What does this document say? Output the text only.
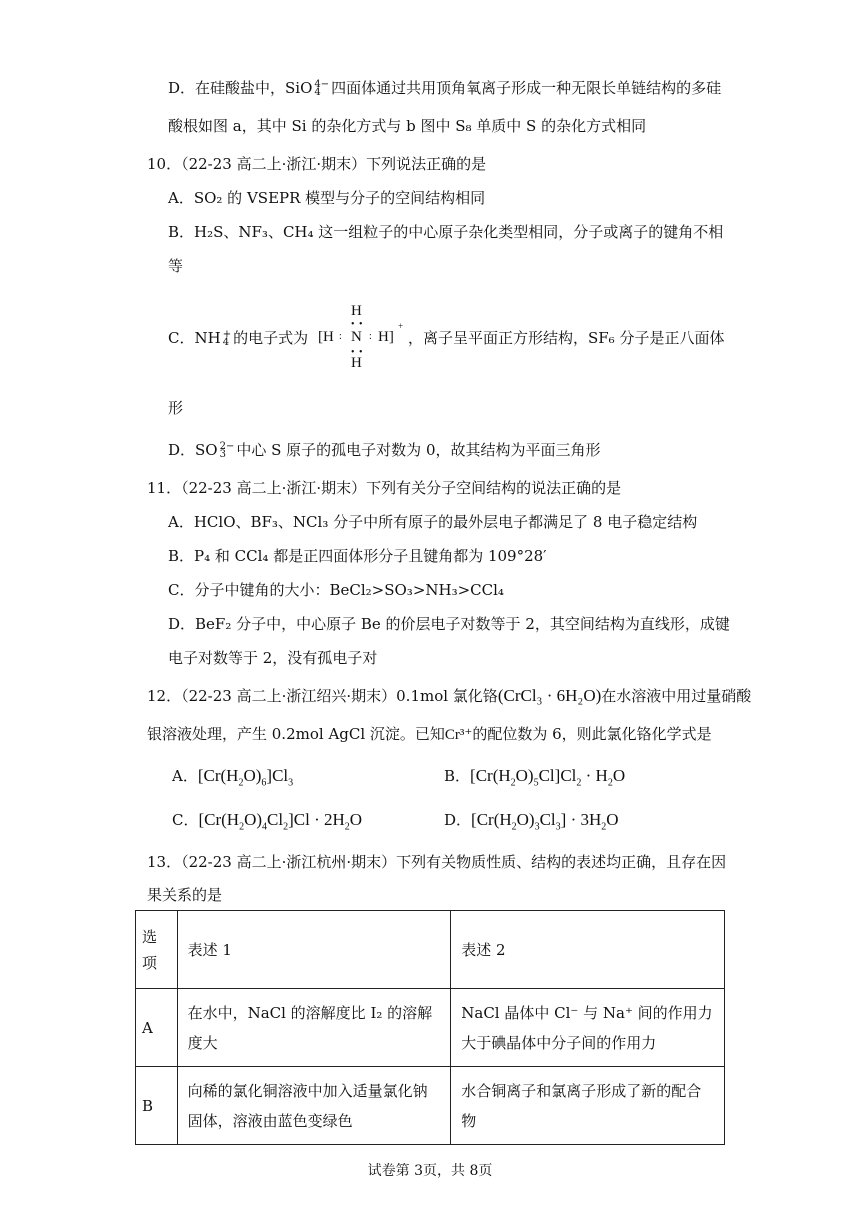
D．在硅酸盐中，SiO 4−
4 四面体通过共用顶角氧离子形成一种无限长单链结构的多硅
酸根如图 a，其中 Si 的杂化方式与 b 图中 S₈ 单质中 S 的杂化方式相同
10．（22-23 高二上·浙江·期末）下列说法正确的是
A．SO₂ 的 VSEPR 模型与分子的空间结构相同
B．H₂S、NF₃、CH₄ 这一组粒子的中心原子杂化类型相同，分子或离子的键角不相
等
C．NH +
4 的电子式为
H
• •
[H : N : H]
+
• •
H
，离子呈平面正方形结构，SF₆ 分子是正八面体
形
D．SO 2−
3 中心 S 原子的孤电子对数为 0，故其结构为平面三角形
11．（22-23 高二上·浙江·期末）下列有关分子空间结构的说法正确的是
A．HClO、BF₃、NCl₃ 分子中所有原子的最外层电子都满足了 8 电子稳定结构
B．P₄ 和 CCl₄ 都是正四面体形分子且键角都为 109°28′
C．分子中键角的大小：BeCl₂>SO₃>NH₃>CCl₄
D．BeF₂ 分子中，中心原子 Be 的价层电子对数等于 2，其空间结构为直线形，成键
电子对数等于 2，没有孤电子对
12．（22-23 高二上·浙江绍兴·期末）0.1mol 氯化铬(CrCl₃ · 6H₂O)在水溶液中用过量硝酸
银溶液处理，产生 0.2mol AgCl 沉淀。已知Cr³⁺的配位数为 6，则此氯化铬化学式是
A．$[Cr(H_2O)_6]Cl_3$	B．$[Cr(H_2O)_5Cl]Cl_2 \cdot H_2O$
C．$[Cr(H_2O)_4Cl_2]Cl \cdot 2H_2O$	D．$[Cr(H_2O)_3Cl_3] \cdot 3H_2O$
13．（22-23 高二上·浙江杭州·期末）下列有关物质性质、结构的表述均正确，且存在因
果关系的是
选项	表述 1	表述 2
A	在水中，NaCl 的溶解度比 I₂ 的溶解度大	NaCl 晶体中 Cl⁻ 与 Na⁺ 间的作用力大于碘晶体中分子间的作用力
B	向稀的氯化铜溶液中加入适量氯化钠固体，溶液由蓝色变绿色	水合铜离子和氯离子形成了新的配合物
试卷第 3页，共 8页
